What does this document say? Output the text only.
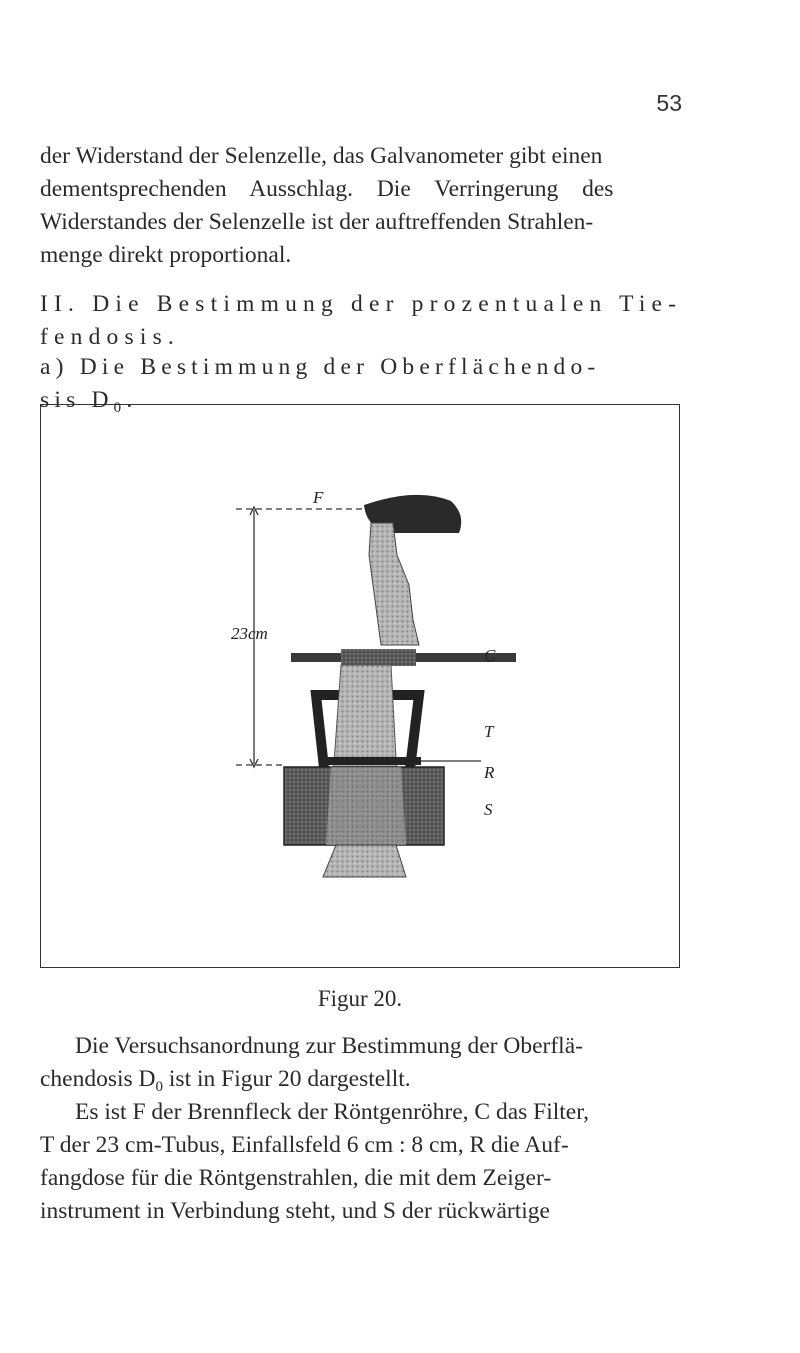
53
der Widerstand der Selenzelle, das Galvanometer gibt einen
dementsprechenden Ausschlag. Die Verringerung des
Widerstandes der Selenzelle ist der auftreffenden Strahlen-
menge direkt proportional.
II. Die Bestimmung der prozentualen Tie-
fendosis.
a) Die Bestimmung der Oberflächendo-
sis $D_0$.
F
23cm
C
T
R
S
Figur 20.
Die Versuchsanordnung zur Bestimmung der Oberflä-
chendosis $D_0$ ist in Figur 20 dargestellt.
Es ist F der Brennfleck der Röntgenröhre, C das Filter,
T der 23 cm-Tubus, Einfallsfeld 6 cm : 8 cm, R die Auf-
fangdose für die Röntgenstrahlen, die mit dem Zeiger-
instrument in Verbindung steht, und S der rückwärtige
